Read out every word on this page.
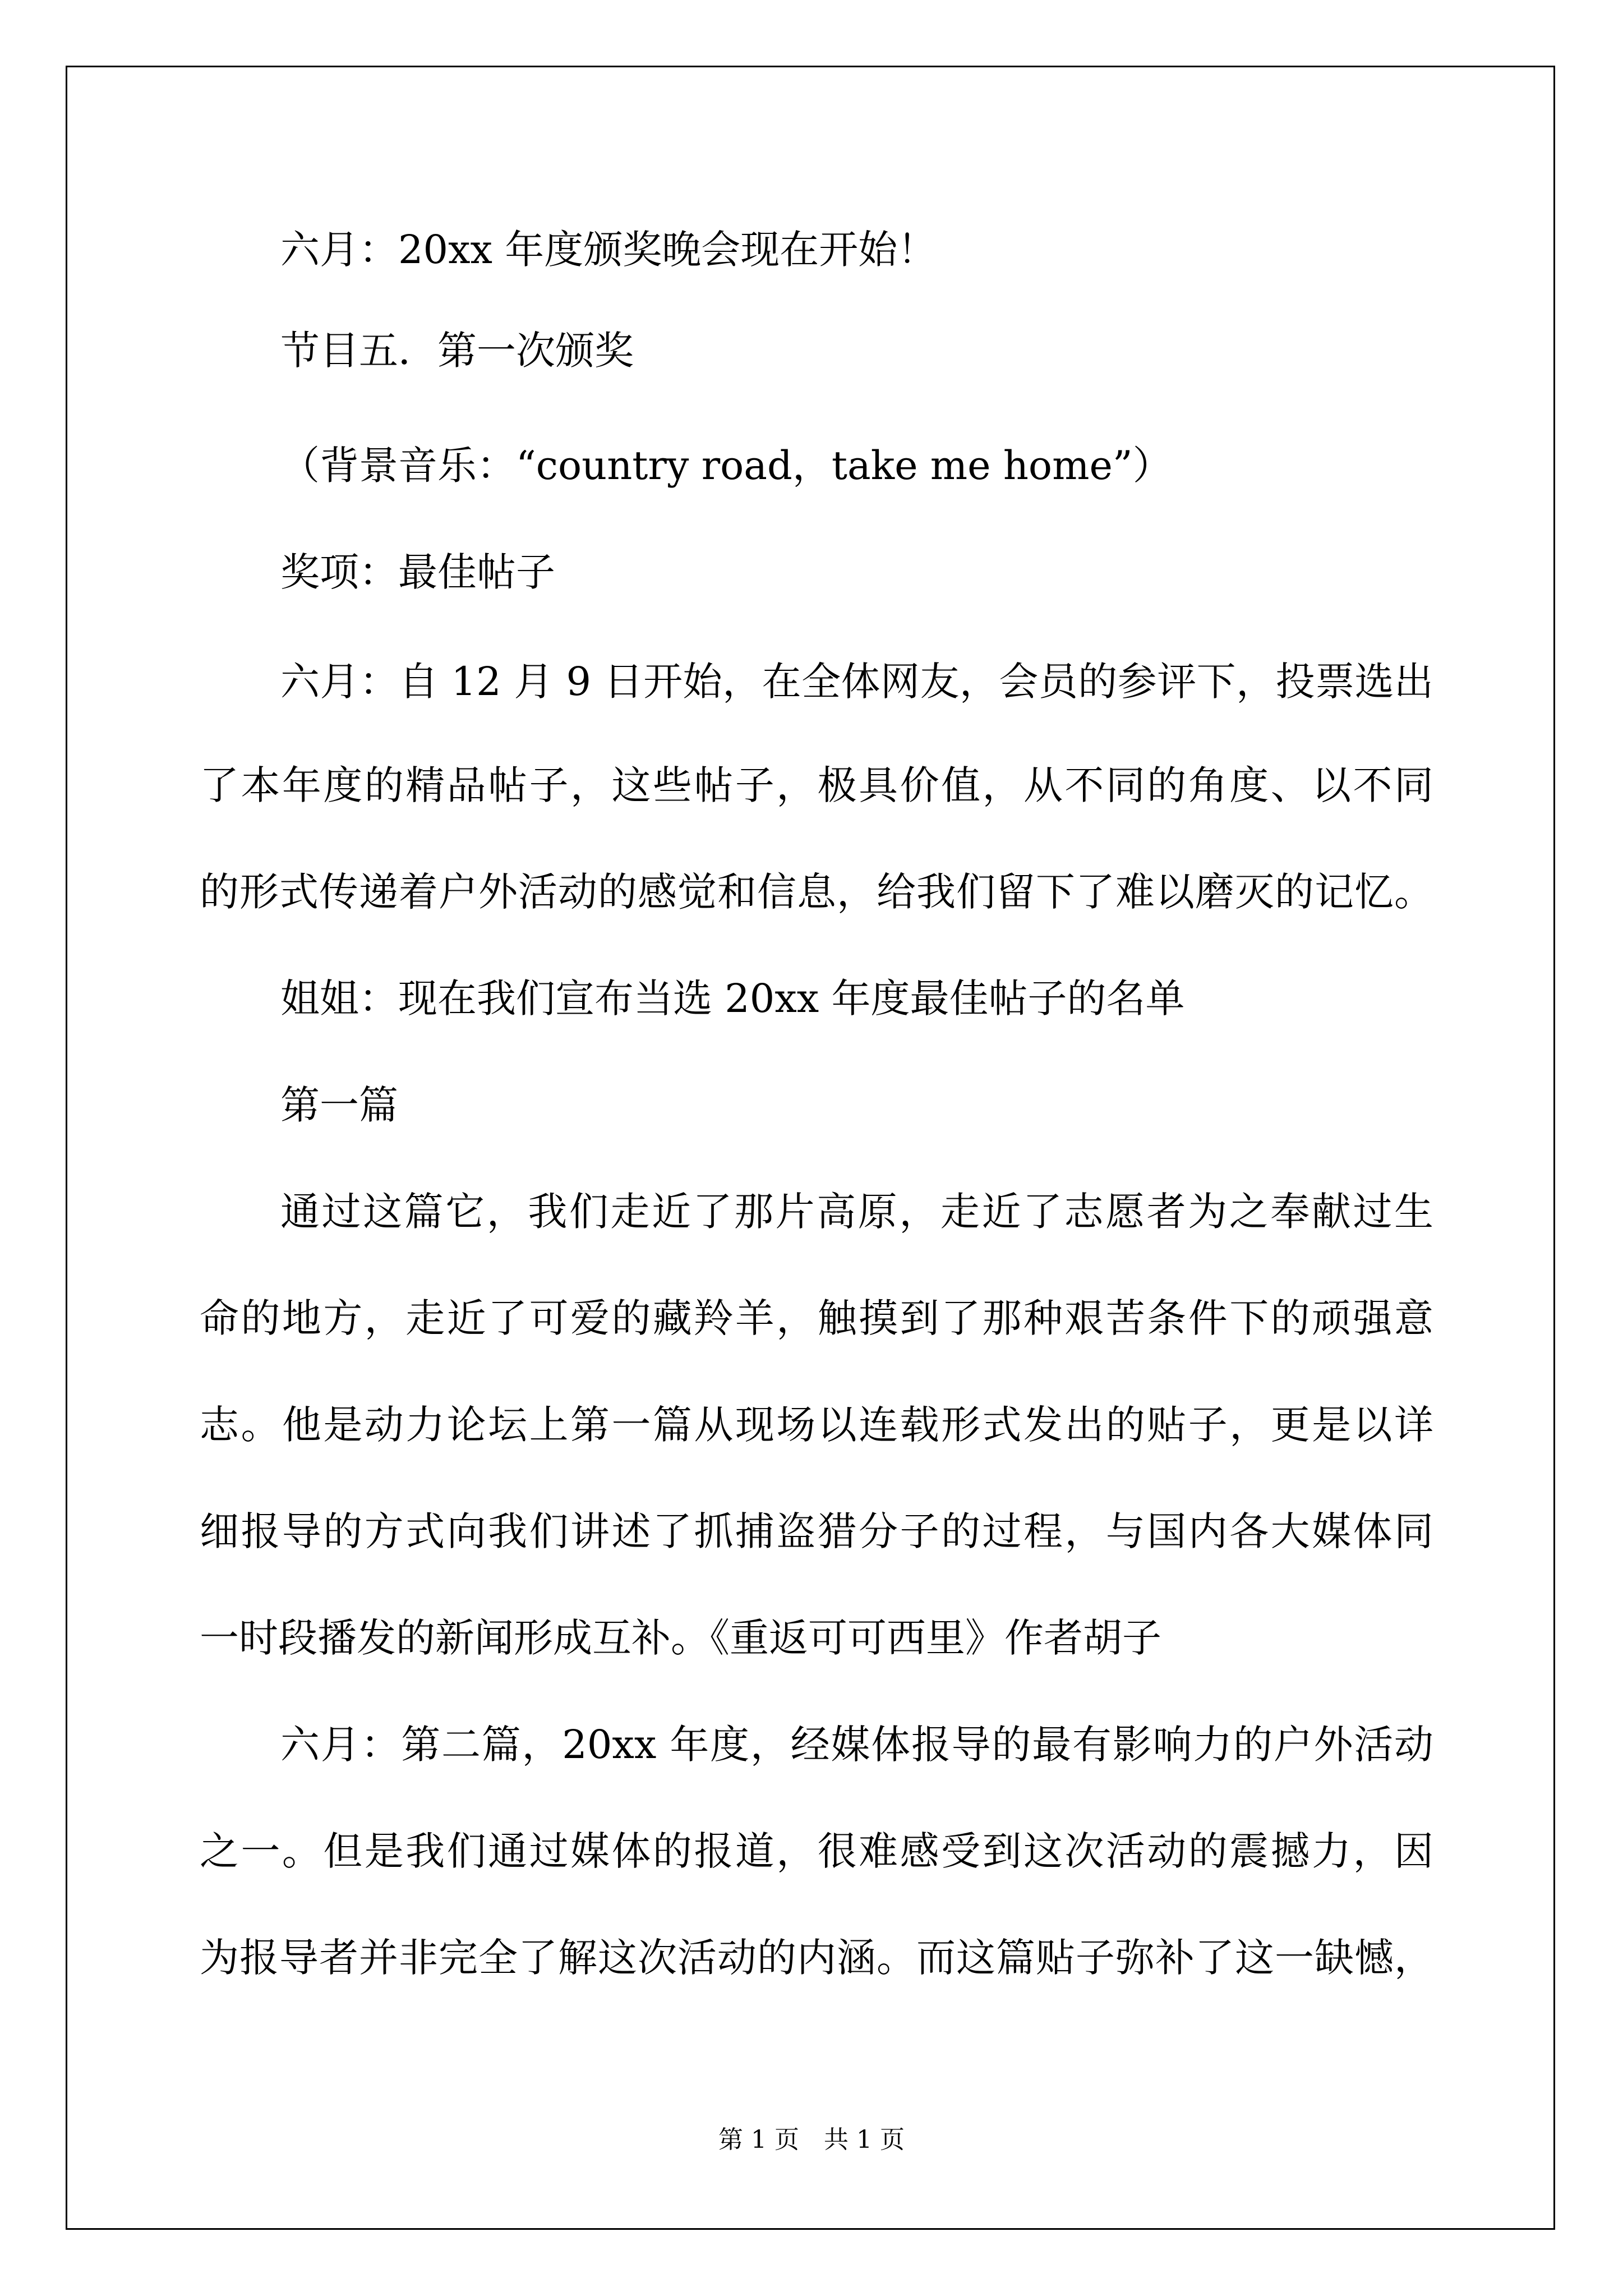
六月：20xx 年度颁奖晚会现在开始！
节目五．第一次颁奖
（背景音乐：“country road，take me home”）
奖项：最佳帖子
六月：自 12 月 9 日开始，在全体网友，会员的参评下，投票选出
了本年度的精品帖子，这些帖子，极具价值，从不同的角度、以不同
的形式传递着户外活动的感觉和信息，给我们留下了难以磨灭的记忆。
姐姐：现在我们宣布当选 20xx 年度最佳帖子的名单
第一篇
通过这篇它，我们走近了那片高原，走近了志愿者为之奉献过生
命的地方，走近了可爱的藏羚羊，触摸到了那种艰苦条件下的顽强意
志。他是动力论坛上第一篇从现场以连载形式发出的贴子，更是以详
细报导的方式向我们讲述了抓捕盗猎分子的过程，与国内各大媒体同
一时段播发的新闻形成互补。《重返可可西里》作者胡子
六月：第二篇，20xx 年度，经媒体报导的最有影响力的户外活动
之一。但是我们通过媒体的报道，很难感受到这次活动的震撼力，因
为报导者并非完全了解这次活动的内涵。而这篇贴子弥补了这一缺憾，
第 1 页　共 1 页
